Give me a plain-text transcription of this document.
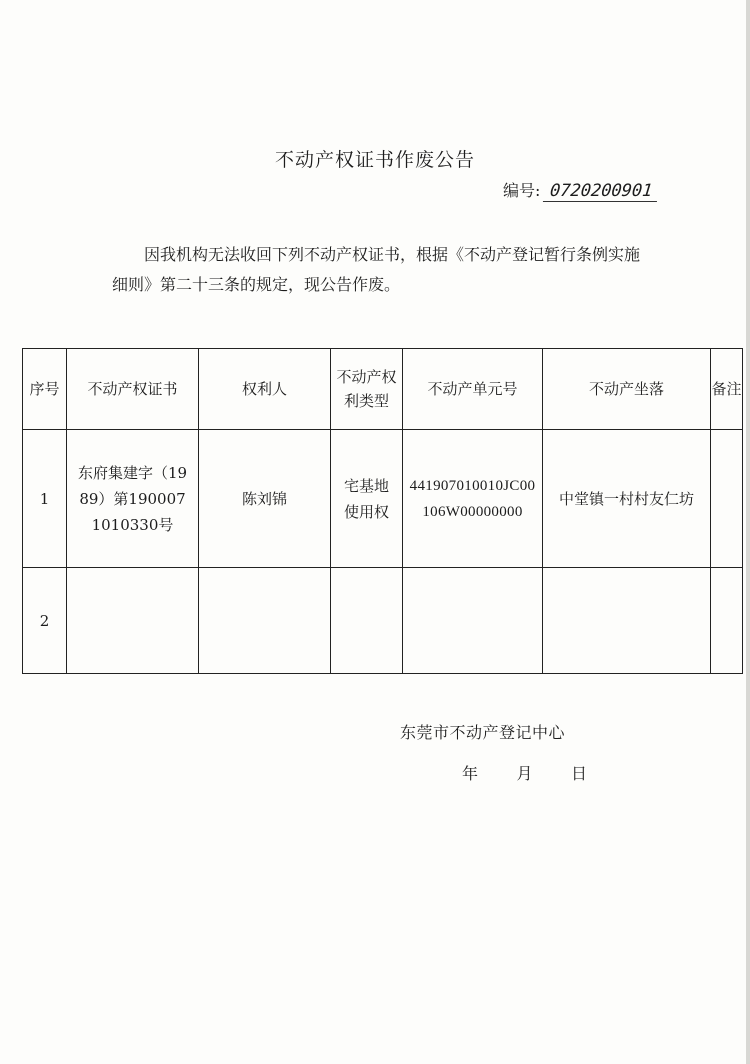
不动产权证书作废公告
编号: 0720200901
因我机构无法收回下列不动产权证书，根据《不动产登记暂行条例实施细则》第二十三条的规定，现公告作废。
序号	不动产权证书	权利人	不动产权利类型	不动产单元号	不动产坐落	备注
1	东府集建字（1989）第1900071010330号	陈刘锦	宅基地使用权	441907010010JC00106W00000000	中堂镇一村村友仁坊	
2						
东莞市不动产登记中心
年 月 日
